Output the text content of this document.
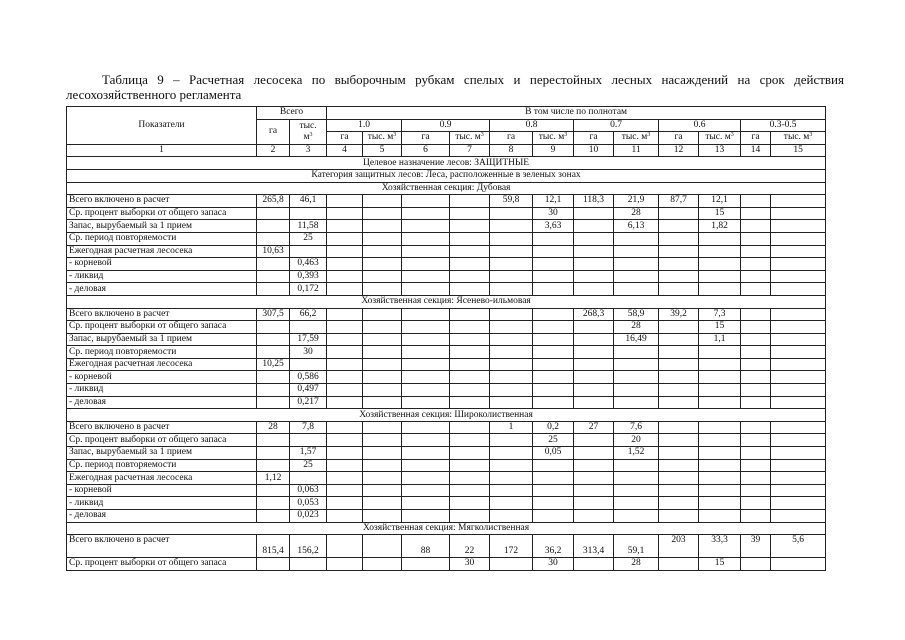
Таблица 9 – Расчетная лесосека по выборочным рубкам спелых и перестойных лесных насаждений на срок действия
лесохозяйственного регламента
Показатели	Всего		В том числе по полнотам											
	га	тыс.
$м^3$	1.0		0.9		0.8		0.7		0.6		0.3-0.5	
			га	тыс. $м^3$	га	тыс. $м^3$	га	тыс. $м^3$	га	тыс. $м^3$	га	тыс. $м^3$	га	тыс. $м^3$
1	2	3	4	5	6	7	8	9	10	11	12	13	14	15
Целевое назначение лесов: ЗАЩИТНЫЕ														
Категория защитных лесов: Леса, расположенные в зеленых зонах														
Хозяйственная секция: Дубовая														
Всего включено в расчет	265,8	46,1					59,8	12,1	118,3	21,9	87,7	12,1		
Ср. процент выборки от общего запаса								30		28		15		
Запас, вырубаемый за 1 прием		11,58						3,63		6,13		1,82		
Ср. период повторяемости		25												
Ежегодная расчетная лесосека	10,63													
- корневой		0,463												
- ликвид		0,393												
- деловая		0,172												
Хозяйственная секция: Ясенево-ильмовая														
Всего включено в расчет	307,5	66,2							268,3	58,9	39,2	7,3		
Ср. процент выборки от общего запаса										28		15		
Запас, вырубаемый за 1 прием		17,59								16,49		1,1		
Ср. период повторяемости		30												
Ежегодная расчетная лесосека	10,25													
- корневой		0,586												
- ликвид		0,497												
- деловая		0,217												
Хозяйственная секция: Широколиственная														
Всего включено в расчет	28	7,8					1	0,2	27	7,6				
Ср. процент выборки от общего запаса								25		20				
Запас, вырубаемый за 1 прием		1,57						0,05		1,52				
Ср. период повторяемости		25												
Ежегодная расчетная лесосека	1,12													
- корневой		0,063												
- ликвид		0,053												
- деловая		0,023												
Хозяйственная секция: Мягколиственная														
Всего включено в расчет	815,4	156,2			88	22	172	36,2	313,4	59,1	203	33,3	39	5,6
Ср. процент выборки от общего запаса						30		30		28		15		
